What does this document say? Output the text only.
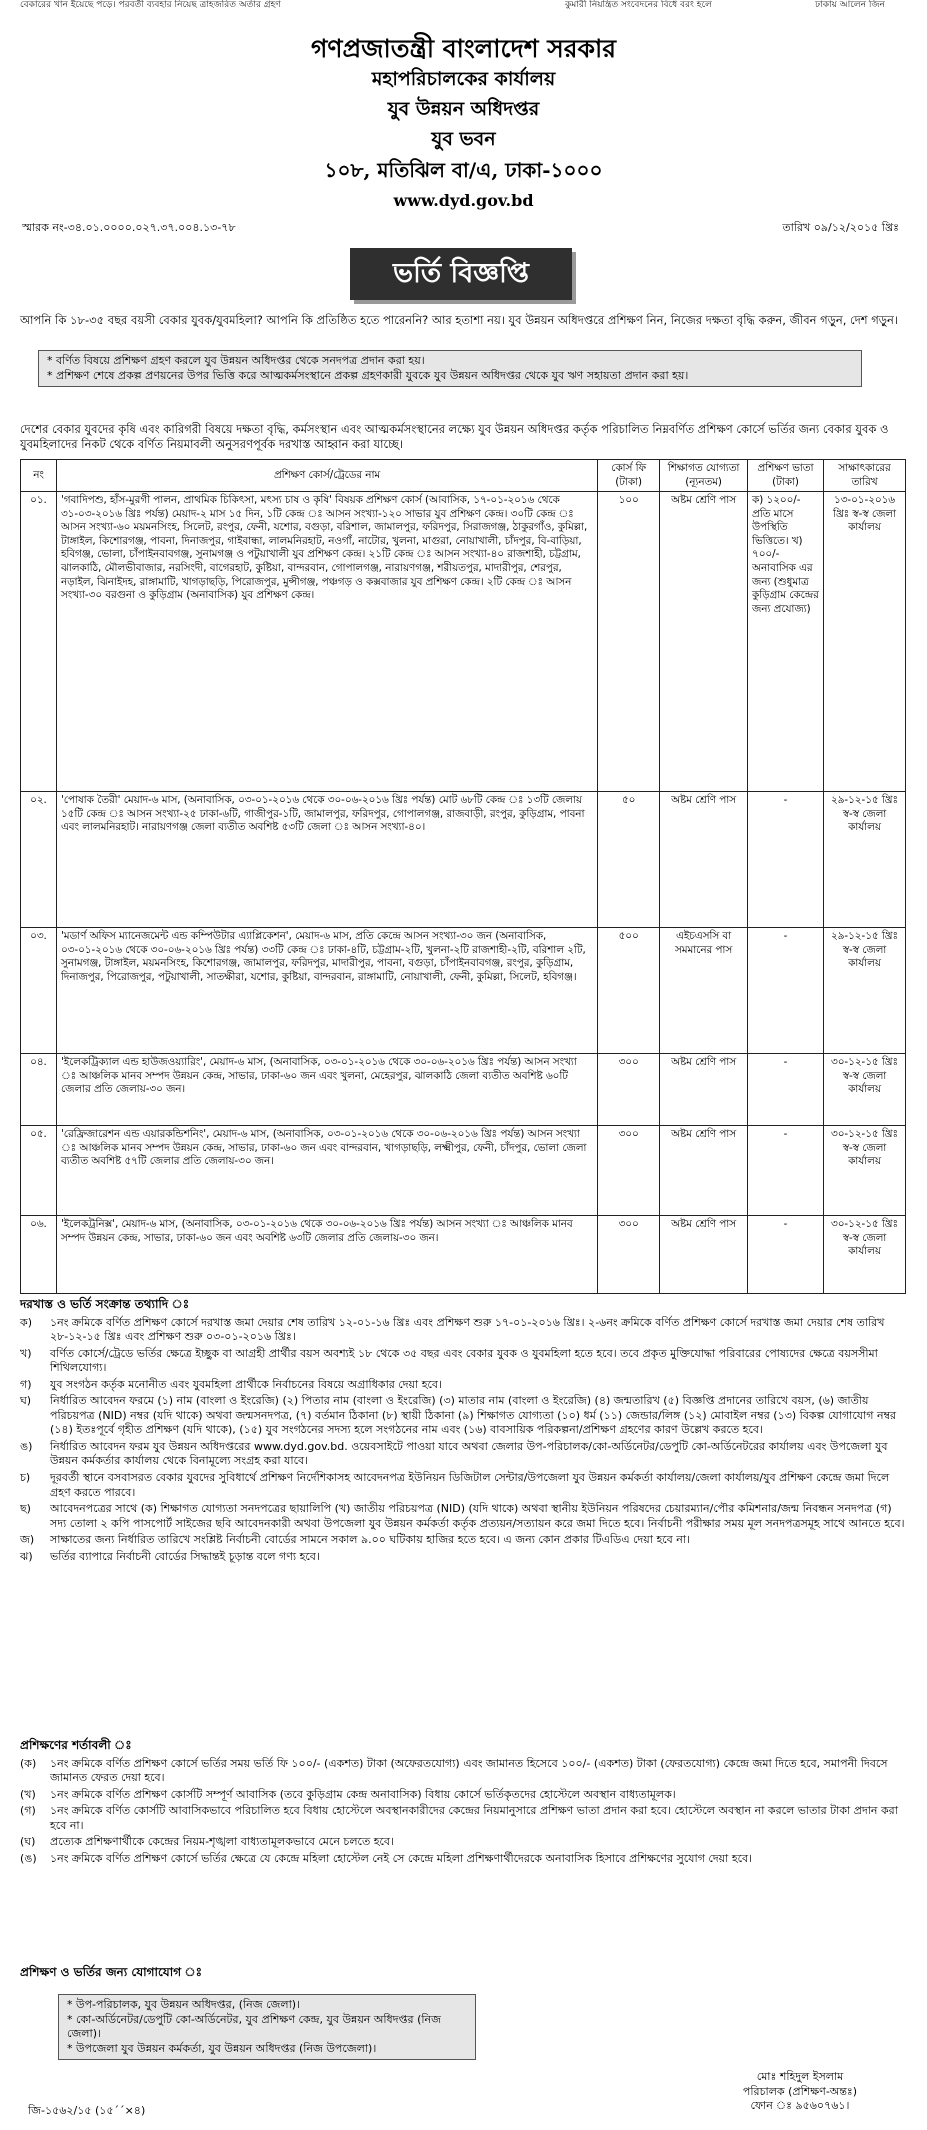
বেকারের খান ইয়েছে পড়ে। পরবর্তী ব্যবহার নিয়েছ ত্রাহজরিত অর্তার গ্রহণ	কুমারী নিয়ন্ত্রিত সংবেদনের বিধে বরং হলে	ঢাকায় আলেন জিন
গণপ্রজাতন্ত্রী বাংলাদেশ সরকার
মহাপরিচালকের কার্যালয়
যুব উন্নয়ন অধিদপ্তর
যুব ভবন
১০৮, মতিঝিল বা/এ, ঢাকা-১০০০
www.dyd.gov.bd
স্মারক নং-৩৪.০১.০০০০.০২৭.৩৭.০০৪.১৩-৭৮	তারিখ ০৯/১২/২০১৫ খ্রিঃ
ভর্তি বিজ্ঞপ্তি
আপনি কি ১৮-৩৫ বছর বয়সী বেকার যুবক/যুবমহিলা? আপনি কি প্রতিষ্ঠিত হতে পারেননি? আর হতাশা নয়। যুব উন্নয়ন অধিদপ্তরে প্রশিক্ষণ নিন, নিজের দক্ষতা বৃদ্ধি করুন, জীবন গড়ুন, দেশ গড়ুন।
* বর্ণিত বিষয়ে প্রশিক্ষণ গ্রহণ করলে যুব উন্নয়ন অধিদপ্তর থেকে সনদপত্র প্রদান করা হয়।
* প্রশিক্ষণ শেষে প্রকল্প প্রণয়নের উপর ভিত্তি করে আত্মকর্মসংস্থানে প্রকল্প গ্রহণকারী যুবকে যুব উন্নয়ন অধিদপ্তর থেকে যুব ঋণ সহায়তা প্রদান করা হয়।
দেশের বেকার যুবদের কৃষি এবং কারিগরী বিষয়ে দক্ষতা বৃদ্ধি, কর্মসংস্থান এবং আত্মকর্মসংস্থানের লক্ষ্যে যুব উন্নয়ন অধিদপ্তর কর্তৃক পরিচালিত নিম্নবর্ণিত প্রশিক্ষণ কোর্সে ভর্তির জন্য বেকার যুবক ও যুবমহিলাদের নিকট থেকে বর্ণিত নিয়মাবলী অনুসরণপূর্বক দরখাস্ত আহ্বান করা যাচ্ছে।
নং	প্রশিক্ষণ কোর্স/ট্রেডের নাম	কোর্স ফি (টাকা)	শিক্ষাগত যোগ্যতা (ন্যূনতম)	প্রশিক্ষণ ভাতা (টাকা)	সাক্ষাৎকারের তারিখ
০১.	'গবাদিপশু, হাঁস-মুরগী পালন, প্রাথমিক চিকিৎসা, মৎস্য চাষ ও কৃষি' বিষয়ক প্রশিক্ষণ কোর্স (আবাসিক, ১৭-০১-২০১৬ থেকে ৩১-০৩-২০১৬ খ্রিঃ পর্যন্ত) মেয়াদ-২ মাস ১৫ দিন, ১টি কেন্দ্র ঃ আসন সংখ্যা-১২০ সাভার যুব প্রশিক্ষণ কেন্দ্র। ৩০টি কেন্দ্র ঃ আসন সংখ্যা-৬০ ময়মনসিংহ, সিলেট, রংপুর, ফেনী, যশোর, বগুড়া, বরিশাল, জামালপুর, ফরিদপুর, সিরাজগঞ্জ, ঠাকুরগাঁও, কুমিল্লা, টাঙ্গাইল, কিশোরগঞ্জ, পাবনা, দিনাজপুর, গাইবান্ধা, লালমনিরহাট, নওগাঁ, নাটোর, খুলনা, মাগুরা, নোয়াখালী, চাঁদপুর, বি-বাড়িয়া, হবিগঞ্জ, ভোলা, চাঁপাইনবাবগঞ্জ, সুনামগঞ্জ ও পটুয়াখালী যুব প্রশিক্ষণ কেন্দ্র। ২১টি কেন্দ্র ঃ আসন সংখ্যা-৪০ রাজশাহী, চট্টগ্রাম, ঝালকাঠি, মৌলভীবাজার, নরসিংদী, বাগেরহাট, কুষ্টিয়া, বান্দরবান, গোপালগঞ্জ, নারায়ণগঞ্জ, শরীয়তপুর, মাদারীপুর, শেরপুর, নড়াইল, ঝিনাইদহ, রাঙ্গামাটি, খাগড়াছড়ি, পিরোজপুর, মুন্সীগঞ্জ, পঞ্চগড় ও কক্সবাজার যুব প্রশিক্ষণ কেন্দ্র। ২টি কেন্দ্র ঃ আসন সংখ্যা-৩০ বরগুনা ও কুড়িগ্রাম (অনাবাসিক) যুব প্রশিক্ষণ কেন্দ্র।	১০০	অষ্টম শ্রেণি পাস	ক) ১২০০/- প্রতি মাসে উপস্থিতি ভিত্তিতে। খ) ৭০০/- অনাবাসিক এর জন্য (শুধুমাত্র কুড়িগ্রাম কেন্দ্রের জন্য প্রযোজ্য)	১৩-০১-২০১৬ খ্রিঃ স্ব-স্ব জেলা কার্যালয়
০২.	'পোষাক তৈরী' মেয়াদ-৬ মাস, (অনাবাসিক, ০৩-০১-২০১৬ থেকে ৩০-০৬-২০১৬ খ্রিঃ পর্যন্ত) মোট ৬৮টি কেন্দ্র ঃ ১৩টি জেলায় ১৫টি কেন্দ্র ঃ আসন সংখ্যা-২৫ ঢাকা-৬টি, গাজীপুর-১টি, জামালপুর, ফরিদপুর, গোপালগঞ্জ, রাজবাড়ী, রংপুর, কুড়িগ্রাম, পাবনা এবং লালমনিরহাট। নারায়ণগঞ্জ জেলা ব্যতীত অবশিষ্ট ৫৩টি জেলা ঃ আসন সংখ্যা-৪০।	৫০	অষ্টম শ্রেণি পাস	-	২৯-১২-১৫ খ্রিঃ স্ব-স্ব জেলা কার্যালয়
০৩.	'মডার্ণ অফিস ম্যানেজমেন্ট এন্ড কম্পিউটার এ্যাপ্লিকেশন', মেয়াদ-৬ মাস, প্রতি কেন্দ্রে আসন সংখ্যা-৩০ জন (অনাবাসিক, ০৩-০১-২০১৬ থেকে ৩০-০৬-২০১৬ খ্রিঃ পর্যন্ত) ৩৩টি কেন্দ্র ঃ ঢাকা-৪টি, চট্টগ্রাম-২টি, খুলনা-২টি রাজশাহী-২টি, বরিশাল ২টি, সুনামগঞ্জ, টাঙ্গাইল, ময়মনসিংহ, কিশোরগঞ্জ, জামালপুর, ফরিদপুর, মাদারীপুর, পাবনা, বগুড়া, চাঁপাইনবাবগঞ্জ, রংপুর, কুড়িগ্রাম, দিনাজপুর, পিরোজপুর, পটুয়াখালী, সাতক্ষীরা, যশোর, কুষ্টিয়া, বান্দরবান, রাঙ্গামাটি, নোয়াখালী, ফেনী, কুমিল্লা, সিলেট, হবিগঞ্জ।	৫০০	এইচএসসি বা সমমানের পাস	-	২৯-১২-১৫ খ্রিঃ স্ব-স্ব জেলা কার্যালয়
০৪.	'ইলেকট্রিক্যাল এন্ড হাউজওয়্যারিং', মেয়াদ-৬ মাস, (অনাবাসিক, ০৩-০১-২০১৬ থেকে ৩০-০৬-২০১৬ খ্রিঃ পর্যন্ত) আসন সংখ্যা ঃ আঞ্চলিক মানব সম্পদ উন্নয়ন কেন্দ্র, সাভার, ঢাকা-৬০ জন এবং খুলনা, মেহেরপুর, ঝালকাঠি জেলা ব্যতীত অবশিষ্ট ৬০টি জেলার প্রতি জেলায়-৩০ জন।	৩০০	অষ্টম শ্রেণি পাস	-	৩০-১২-১৫ খ্রিঃ স্ব-স্ব জেলা কার্যালয়
০৫.	'রেফ্রিজারেশন এন্ড এয়ারকন্ডিশনিং', মেয়াদ-৬ মাস, (অনাবাসিক, ০৩-০১-২০১৬ থেকে ৩০-০৬-২০১৬ খ্রিঃ পর্যন্ত) আসন সংখ্যা ঃ আঞ্চলিক মানব সম্পদ উন্নয়ন কেন্দ্র, সাভার, ঢাকা-৬০ জন এবং বান্দরবান, খাগড়াছড়ি, লক্ষ্মীপুর, ফেনী, চাঁদপুর, ভোলা জেলা ব্যতীত অবশিষ্ট ৫৭টি জেলার প্রতি জেলায়-৩০ জন।	৩০০	অষ্টম শ্রেণি পাস	-	৩০-১২-১৫ খ্রিঃ স্ব-স্ব জেলা কার্যালয়
০৬.	'ইলেকট্রনিক্স', মেয়াদ-৬ মাস, (অনাবাসিক, ০৩-০১-২০১৬ থেকে ৩০-০৬-২০১৬ খ্রিঃ পর্যন্ত) আসন সংখ্যা ঃ আঞ্চলিক মানব সম্পদ উন্নয়ন কেন্দ্র, সাভার, ঢাকা-৬০ জন এবং অবশিষ্ট ৬৩টি জেলার প্রতি জেলায়-৩০ জন।	৩০০	অষ্টম শ্রেণি পাস	-	৩০-১২-১৫ খ্রিঃ স্ব-স্ব জেলা কার্যালয়
দরখাস্ত ও ভর্তি সংক্রান্ত তথ্যাদি ঃ
ক)	১নং ক্রমিকে বর্ণিত প্রশিক্ষণ কোর্সে দরখাস্ত জমা দেয়ার শেষ তারিখ ১২-০১-১৬ খ্রিঃ এবং প্রশিক্ষণ শুরু ১৭-০১-২০১৬ খ্রিঃ। ২-৬নং ক্রমিকে বর্ণিত প্রশিক্ষণ কোর্সে দরখাস্ত জমা দেয়ার শেষ তারিখ ২৮-১২-১৫ খ্রিঃ এবং প্রশিক্ষণ শুরু ০৩-০১-২০১৬ খ্রিঃ।
খ)	বর্ণিত কোর্সে/ট্রেডে ভর্তির ক্ষেত্রে ইচ্ছুক বা আগ্রহী প্রার্থীর বয়স অবশ্যই ১৮ থেকে ৩৫ বছর এবং বেকার যুবক ও যুবমহিলা হতে হবে। তবে প্রকৃত মুক্তিযোদ্ধা পরিবারের পোষ্যদের ক্ষেত্রে বয়সসীমা শিথিলযোগ্য।
গ)	যুব সংগঠন কর্তৃক মনোনীত এবং যুবমহিলা প্রার্থীকে নির্বাচনের বিষয়ে অগ্রাধিকার দেয়া হবে।
ঘ)	নির্ধারিত আবেদন ফরমে (১) নাম (বাংলা ও ইংরেজি) (২) পিতার নাম (বাংলা ও ইংরেজি) (৩) মাতার নাম (বাংলা ও ইংরেজি) (৪) জন্মতারিখ (৫) বিজ্ঞপ্তি প্রদানের তারিখে বয়স, (৬) জাতীয় পরিচয়পত্র (NID) নম্বর (যদি থাকে) অথবা জন্মসনদপত্র, (৭) বর্তমান ঠিকানা (৮) স্থায়ী ঠিকানা (৯) শিক্ষাগত যোগ্যতা (১০) ধর্ম (১১) জেন্ডার/লিঙ্গ (১২) মোবাইল নম্বর (১৩) বিকল্প যোগাযোগ নম্বর (১৪) ইতঃপূর্বে গৃহীত প্রশিক্ষণ (যদি থাকে), (১৫) যুব সংগঠনের সদস্য হলে সংগঠনের নাম এবং (১৬) বাবসায়িক পরিকল্পনা/প্রশিক্ষণ গ্রহণের কারণ উল্লেখ করতে হবে।
ঙ)	নির্ধারিত আবেদন ফরম যুব উন্নয়ন অধিদপ্তরের www.dyd.gov.bd. ওয়েবসাইটে পাওয়া যাবে অথবা জেলার উপ-পরিচালক/কো-অর্ডিনেটর/ডেপুটি কো-অর্ডিনেটরের কার্যালয় এবং উপজেলা যুব উন্নয়ন কর্মকর্তার কার্যালয় থেকে বিনামূল্যে সংগ্রহ করা যাবে।
চ)	দূরবর্তী স্থানে বসবাসরত বেকার যুবদের সুবিধার্থে প্রশিক্ষণ নির্দেশিকাসহ আবেদনপত্র ইউনিয়ন ডিজিটাল সেন্টার/উপজেলা যুব উন্নয়ন কর্মকর্তা কার্যালয়/জেলা কার্যালয়/যুব প্রশিক্ষণ কেন্দ্রে জমা দিলে গ্রহণ করতে পারবে।
ছ)	আবেদনপত্রের সাথে (ক) শিক্ষাগত যোগ্যতা সনদপত্রের ছায়ালিপি (খ) জাতীয় পরিচয়পত্র (NID) (যদি থাকে) অথবা স্থানীয় ইউনিয়ন পরিষদের চেয়ারম্যান/পৌর কমিশনার/জন্ম নিবন্ধন সনদপত্র (গ) সদ্য তোলা ২ কপি পাসপোর্ট সাইজের ছবি আবেদনকারী অথবা উপজেলা যুব উন্নয়ন কর্মকর্তা কর্তৃক প্রত্যয়ন/সত্যায়ন করে জমা দিতে হবে। নির্বাচনী পরীক্ষার সময় মূল সনদপত্রসমূহ সাথে আনতে হবে।
জ)	সাক্ষাতের জন্য নির্ধারিত তারিখে সংশ্লিষ্ট নির্বাচনী বোর্ডের সামনে সকাল ৯.০০ ঘটিকায় হাজির হতে হবে। এ জন্য কোন প্রকার টিএডিএ দেয়া হবে না।
ঝ)	ভর্তির ব্যাপারে নির্বাচনী বোর্ডের সিদ্ধান্তই চূড়ান্ত বলে গণ্য হবে।
প্রশিক্ষণের শর্তাবলী ঃ
(ক)	১নং ক্রমিকে বর্ণিত প্রশিক্ষণ কোর্সে ভর্তির সময় ভর্তি ফি ১০০/- (একশত) টাকা (অফেরতযোগ্য) এবং জামানত হিসেবে ১০০/- (একশত) টাকা (ফেরতযোগ্য) কেন্দ্রে জমা দিতে হবে, সমাপনী দিবসে জামানত ফেরত দেয়া হবে।
(খ)	১নং ক্রমিকে বর্ণিত প্রশিক্ষণ কোর্সটি সম্পূর্ণ আবাসিক (তবে কুড়িগ্রাম কেন্দ্র অনাবাসিক) বিধায় কোর্সে ভর্তিকৃতদের হোস্টেলে অবস্থান বাধ্যতামূলক।
(গ)	১নং ক্রমিকে বর্ণিত কোর্সটি আবাসিকভাবে পরিচালিত হবে বিধায় হোস্টেলে অবস্থানকারীদের কেন্দ্রের নিয়মানুসারে প্রশিক্ষণ ভাতা প্রদান করা হবে। হোস্টেলে অবস্থান না করলে ভাতার টাকা প্রদান করা হবে না।
(ঘ)	প্রত্যেক প্রশিক্ষণার্থীকে কেন্দ্রের নিয়ম-শৃঙ্খলা বাধ্যতামূলকভাবে মেনে চলতে হবে।
(ঙ)	১নং ক্রমিকে বর্ণিত প্রশিক্ষণ কোর্সে ভর্তির ক্ষেত্রে যে কেন্দ্রে মহিলা হোস্টেল নেই সে কেন্দ্রে মহিলা প্রশিক্ষণার্থীদেরকে অনাবাসিক হিসাবে প্রশিক্ষণের সুযোগ দেয়া হবে।
প্রশিক্ষণ ও ভর্তির জন্য যোগাযোগ ঃ
* উপ-পরিচালক, যুব উন্নয়ন অধিদপ্তর, (নিজ জেলা)।
* কো-অর্ডিনেটর/ডেপুটি কো-অর্ডিনেটর, যুব প্রশিক্ষণ কেন্দ্র, যুব উন্নয়ন অধিদপ্তর (নিজ জেলা)।
* উপজেলা যুব উন্নয়ন কর্মকর্তা, যুব উন্নয়ন অধিদপ্তর (নিজ উপজেলা)।
মোঃ শহিদুল ইসলাম
পরিচালক (প্রশিক্ষণ-অন্তঃ)
ফোন ঃ ৯৫৬০৭৬১।
জি-১৫৬২/১৫ (১৫´´×৪)
